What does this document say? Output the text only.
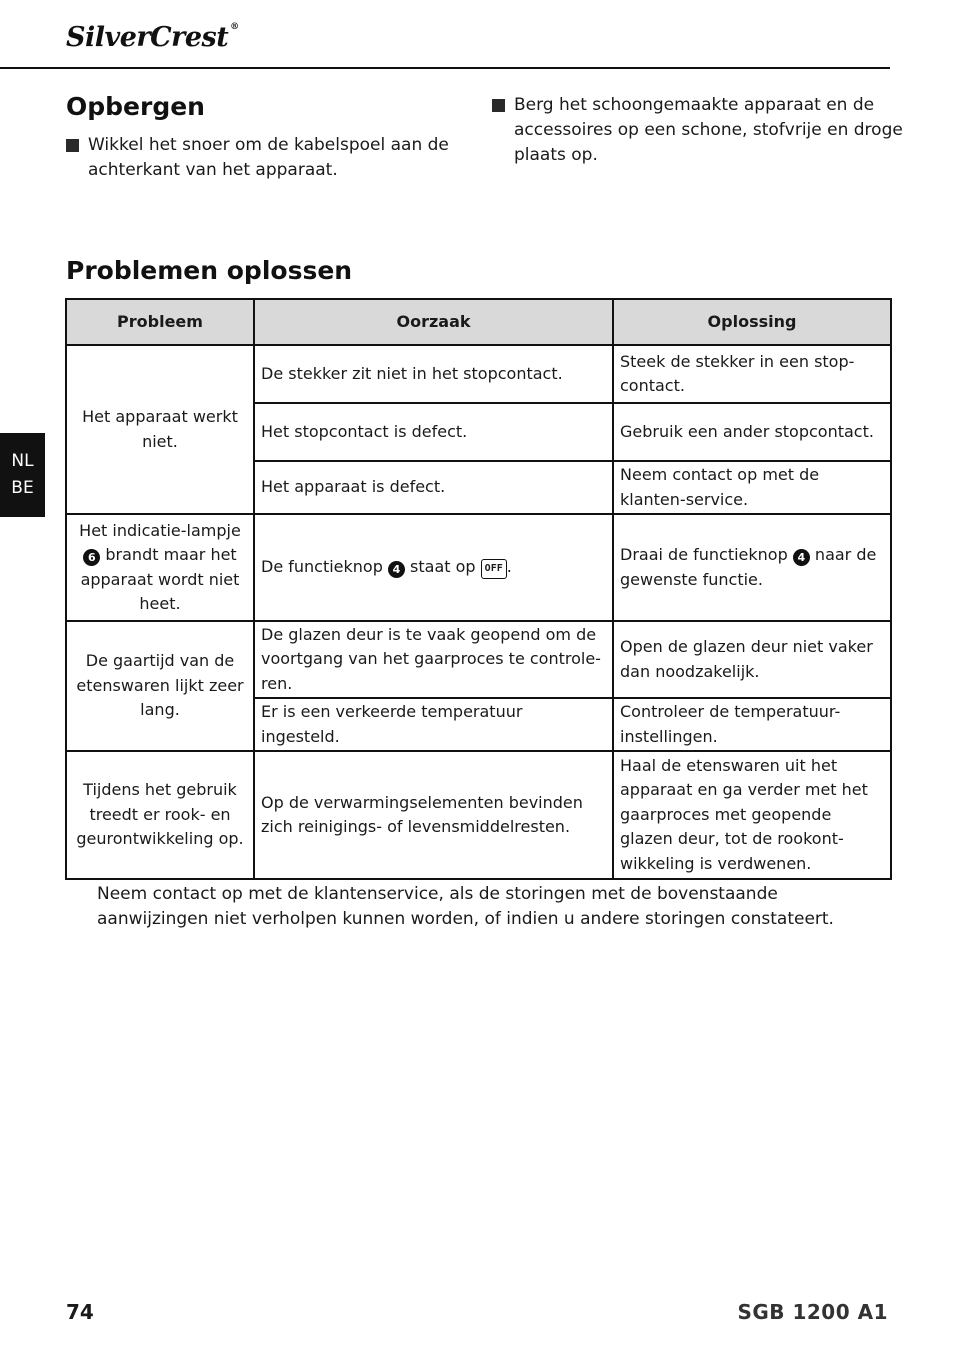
SilverCrest ®
NL
BE
Opbergen
Wikkel het snoer om de kabelspoel aan de achterkant van het apparaat.
Berg het schoongemaakte apparaat en de accessoires op een schone, stofvrije en droge plaats op.
Problemen oplossen
Probleem	Oorzaak	Oplossing
Het apparaat werkt niet.	De stekker zit niet in het stopcontact.	Steek de stekker in een stop-contact.
	Het stopcontact is defect.	Gebruik een ander stopcontact.
	Het apparaat is defect.	Neem contact op met de klanten-service.
Het indicatie-lampje 6 brandt maar het apparaat wordt niet heet.	De functieknop 4 staat op OFF .	Draai de functieknop 4 naar de gewenste functie.
De gaartijd van de etenswaren lijkt zeer lang.	De glazen deur is te vaak geopend om de voortgang van het gaarproces te controle-ren.	Open de glazen deur niet vaker dan noodzakelijk.
	Er is een verkeerde temperatuur ingesteld.	Controleer de temperatuur-instellingen.
Tijdens het gebruik treedt er rook- en geurontwikkeling op.	Op de verwarmingselementen bevinden zich reinigings- of levensmiddelresten.	Haal de etenswaren uit het apparaat en ga verder met het gaarproces met geopende glazen deur, tot de rookont-wikkeling is verdwenen.
Neem contact op met de klantenservice, als de storingen met de bovenstaande aanwijzingen niet verholpen kunnen worden, of indien u andere storingen constateert.
74	SGB 1200 A1
